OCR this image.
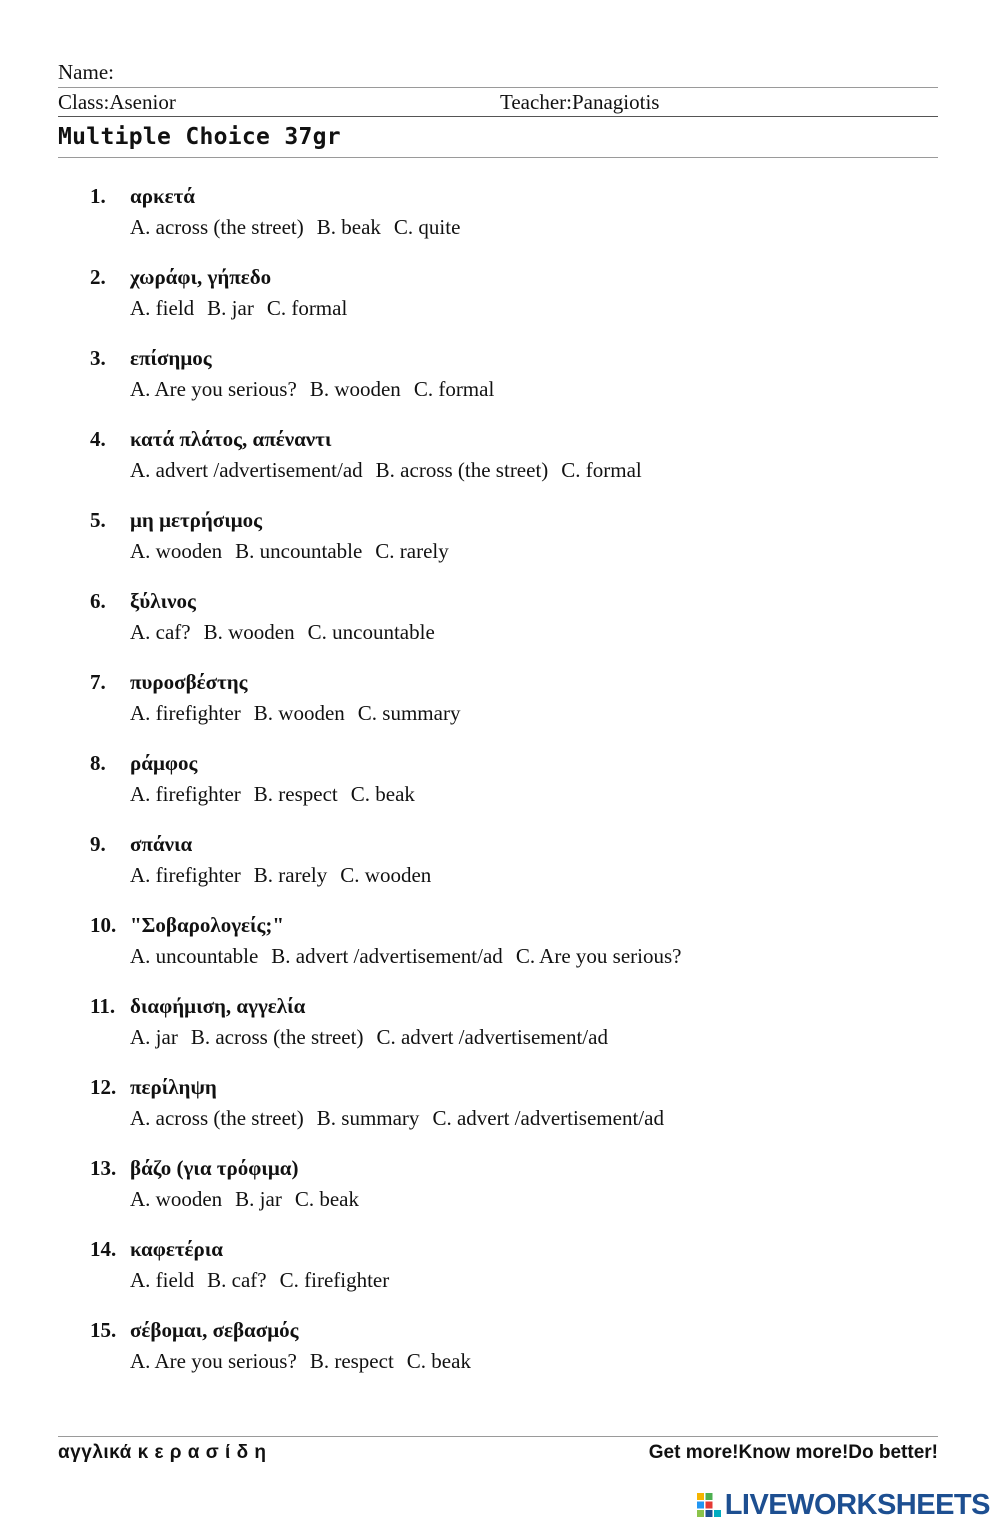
Name:
Class:Asenior	Teacher:Panagiotis
Multiple Choice 37gr
1. αρκετά
A. across (the street) B. beak C. quite
2. χωράφι, γήπεδο
A. field B. jar C. formal
3. επίσημος
A. Are you serious? B. wooden C. formal
4. κατά πλάτος, απέναντι
A. advert /advertisement/ad B. across (the street) C. formal
5. μη μετρήσιμος
A. wooden B. uncountable C. rarely
6. ξύλινος
A. caf? B. wooden C. uncountable
7. πυροσβέστης
A. firefighter B. wooden C. summary
8. ράμφος
A. firefighter B. respect C. beak
9. σπάνια
A. firefighter B. rarely C. wooden
10. "Σοβαρολογείς;"
A. uncountable B. advert /advertisement/ad C. Are you serious?
11. διαφήμιση, αγγελία
A. jar B. across (the street) C. advert /advertisement/ad
12. περίληψη
A. across (the street) B. summary C. advert /advertisement/ad
13. βάζο (για τρόφιμα)
A. wooden B. jar C. beak
14. καφετέρια
A. field B. caf? C. firefighter
15. σέβομαι, σεβασμός
A. Are you serious? B. respect C. beak
αγγλικά κ ε ρ α σ ί δ η	Get more!Know more!Do better!
LIVEWORKSHEETS
